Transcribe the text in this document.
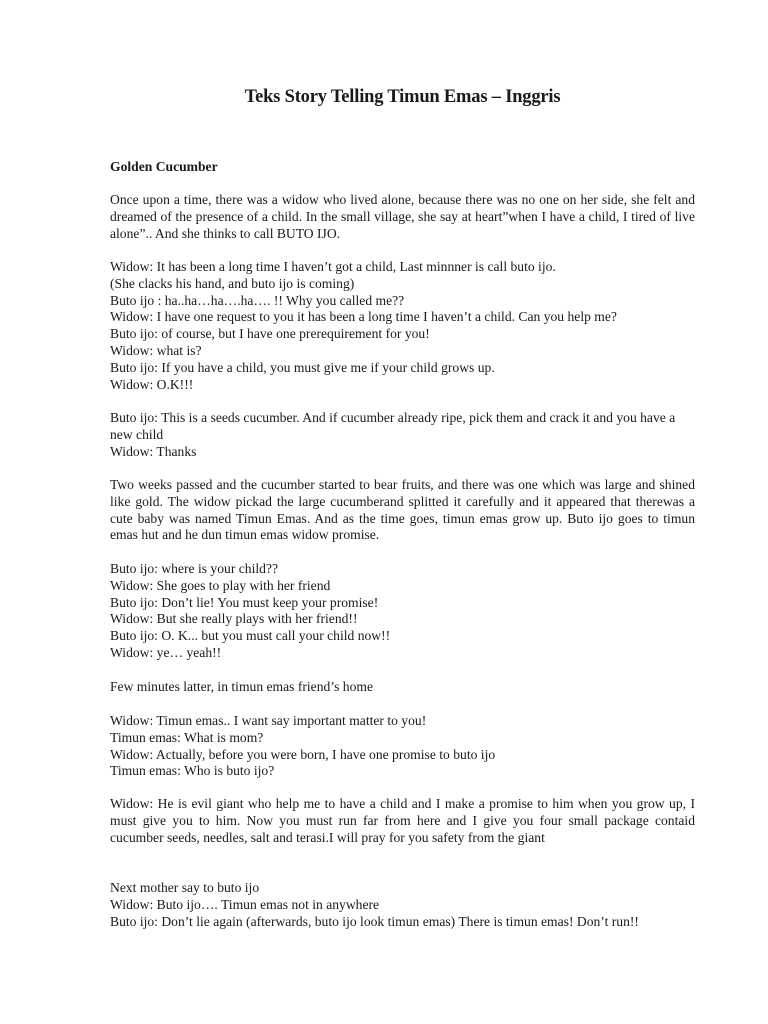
Teks Story Telling Timun Emas – Inggris
Golden Cucumber

Once upon a time, there was a widow who lived alone, because there was no one on her side, she felt and dreamed of the presence of a child. In the small village, she say at heart”when I have a child, I tired of live alone”.. And she thinks to call BUTO IJO.

Widow: It has been a long time I haven’t got a child, Last minnner is call buto ijo.

(She clacks his hand, and buto ijo is coming)

Buto ijo : ha..ha…ha….ha…. !! Why you called me??

Widow: I have one request to you it has been a long time I haven’t a child. Can you help me?

Buto ijo: of course, but I have one prerequirement for you!

Widow: what is?

Buto ijo: If you have a child, you must give me if your child grows up.

Widow: O.K!!!

Buto ijo: This is a seeds cucumber. And if cucumber already ripe, pick them and crack it and you have a new child

Widow: Thanks

Two weeks passed and the cucumber started to bear fruits, and there was one which was large and shined like gold. The widow pickad the large cucumberand splitted it carefully and it appeared that therewas a cute baby was named Timun Emas. And as the time goes, timun emas grow up. Buto ijo goes to timun emas hut and he dun timun emas widow promise.

Buto ijo: where is your child??

Widow: She goes to play with her friend

Buto ijo: Don’t lie! You must keep your promise!

Widow: But she really plays with her friend!!

Buto ijo: O. K... but you must call your child now!!

Widow: ye… yeah!!

Few minutes latter, in timun emas friend’s home

Widow: Timun emas.. I want say important matter to you!

Timun emas: What is mom?

Widow: Actually, before you were born, I have one promise to buto ijo

Timun emas: Who is buto ijo?

Widow: He is evil giant who help me to have a child and I make a promise to him when you grow up, I must give you to him. Now you must run far from here and I give you four small package contaid cucumber seeds, needles, salt and terasi.I will pray for you safety from the giant

Next mother say to buto ijo

Widow: Buto ijo…. Timun emas not in anywhere

Buto ijo: Don’t lie again (afterwards, buto ijo look timun emas) There is timun emas! Don’t run!!
